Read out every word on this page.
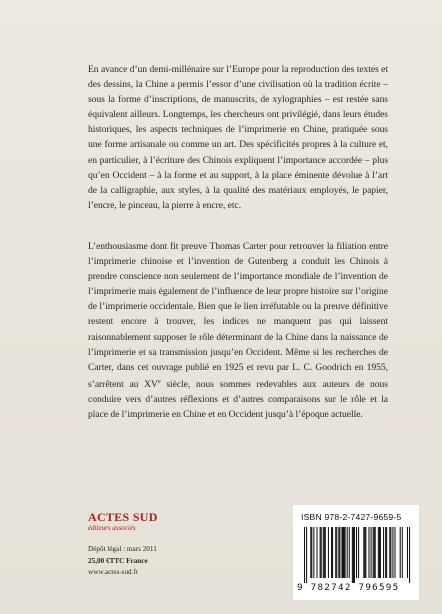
En avance d’un demi-millénaire sur l’Europe pour la reproduction des textes et des dessins, la Chine a permis l’essor d’une civilisation où la tradition écrite – sous la forme d’inscriptions, de manuscrits, de xylographies – est restée sans équivalent ailleurs. Longtemps, les chercheurs ont privilégié, dans leurs études historiques, les aspects techniques de l’imprimerie en Chine, pratiquée sous une forme artisanale ou comme un art. Des spécificités propres à la culture et, en particulier, à l’écriture des Chinois expliquent l’importance accordée – plus qu’en Occident – à la forme et au support, à la place éminente dévolue à l’art de la calligraphie, aux styles, à la qualité des matériaux employés, le papier, l’encre, le pinceau, la pierre à encre, etc.

L’enthousiasme dont fit preuve Thomas Carter pour retrouver la filiation entre l’imprimerie chinoise et l’invention de Gutenberg a conduit les Chinois à prendre conscience non seulement de l’importance mondiale de l’invention de l’imprimerie mais également de l’influence de leur propre histoire sur l’origine de l’imprimerie occidentale. Bien que le lien irréfutable ou la preuve définitive restent encore à trouver, les indices ne manquent pas qui laissent raisonnablement supposer le rôle déterminant de la Chine dans la naissance de l’imprimerie et sa transmission jusqu’en Occident. Même si les recherches de Carter, dans cet ouvrage publié en 1925 et revu par L. C. Goodrich en 1955, s’arrêtent au XVe siècle, nous sommes redevables aux auteurs de nous conduire vers d’autres réflexions et d’autres comparaisons sur le rôle et la place de l’imprimerie en Chine et en Occident jusqu’à l’époque actuelle.

ACTES SUD
éditeurs associés
Dépôt légal : mars 2011
25,00 €TTC France
www.actes-sud.fr
ISBN 978-2-7427-9659-5
9 782742 796595
